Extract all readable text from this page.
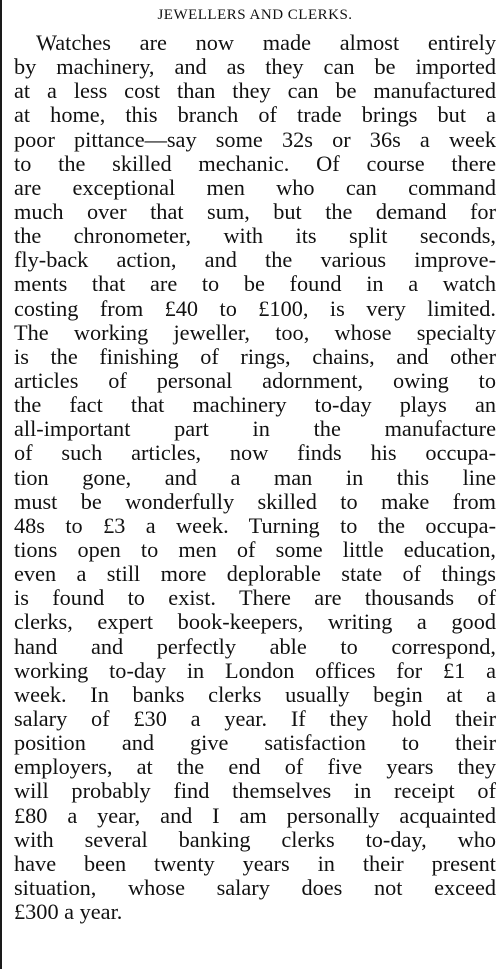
JEWELLERS AND CLERKS.
Watches are now made almost entirely
by machinery, and as they can be imported
at a less cost than they can be manufactured
at home, this branch of trade brings but a
poor pittance—say some 32s or 36s a week
to the skilled mechanic. Of course there
are exceptional men who can command
much over that sum, but the demand for
the chronometer, with its split seconds,
fly-back action, and the various improve-
ments that are to be found in a watch
costing from £40 to £100, is very limited.
The working jeweller, too, whose specialty
is the finishing of rings, chains, and other
articles of personal adornment, owing to
the fact that machinery to-day plays an
all-important part in the manufacture
of such articles, now finds his occupa-
tion gone, and a man in this line
must be wonderfully skilled to make from
48s to £3 a week. Turning to the occupa-
tions open to men of some little education,
even a still more deplorable state of things
is found to exist. There are thousands of
clerks, expert book-keepers, writing a good
hand and perfectly able to correspond,
working to-day in London offices for £1 a
week. In banks clerks usually begin at a
salary of £30 a year. If they hold their
position and give satisfaction to their
employers, at the end of five years they
will probably find themselves in receipt of
£80 a year, and I am personally acquainted
with several banking clerks to-day, who
have been twenty years in their present
situation, whose salary does not exceed
£300 a year.
